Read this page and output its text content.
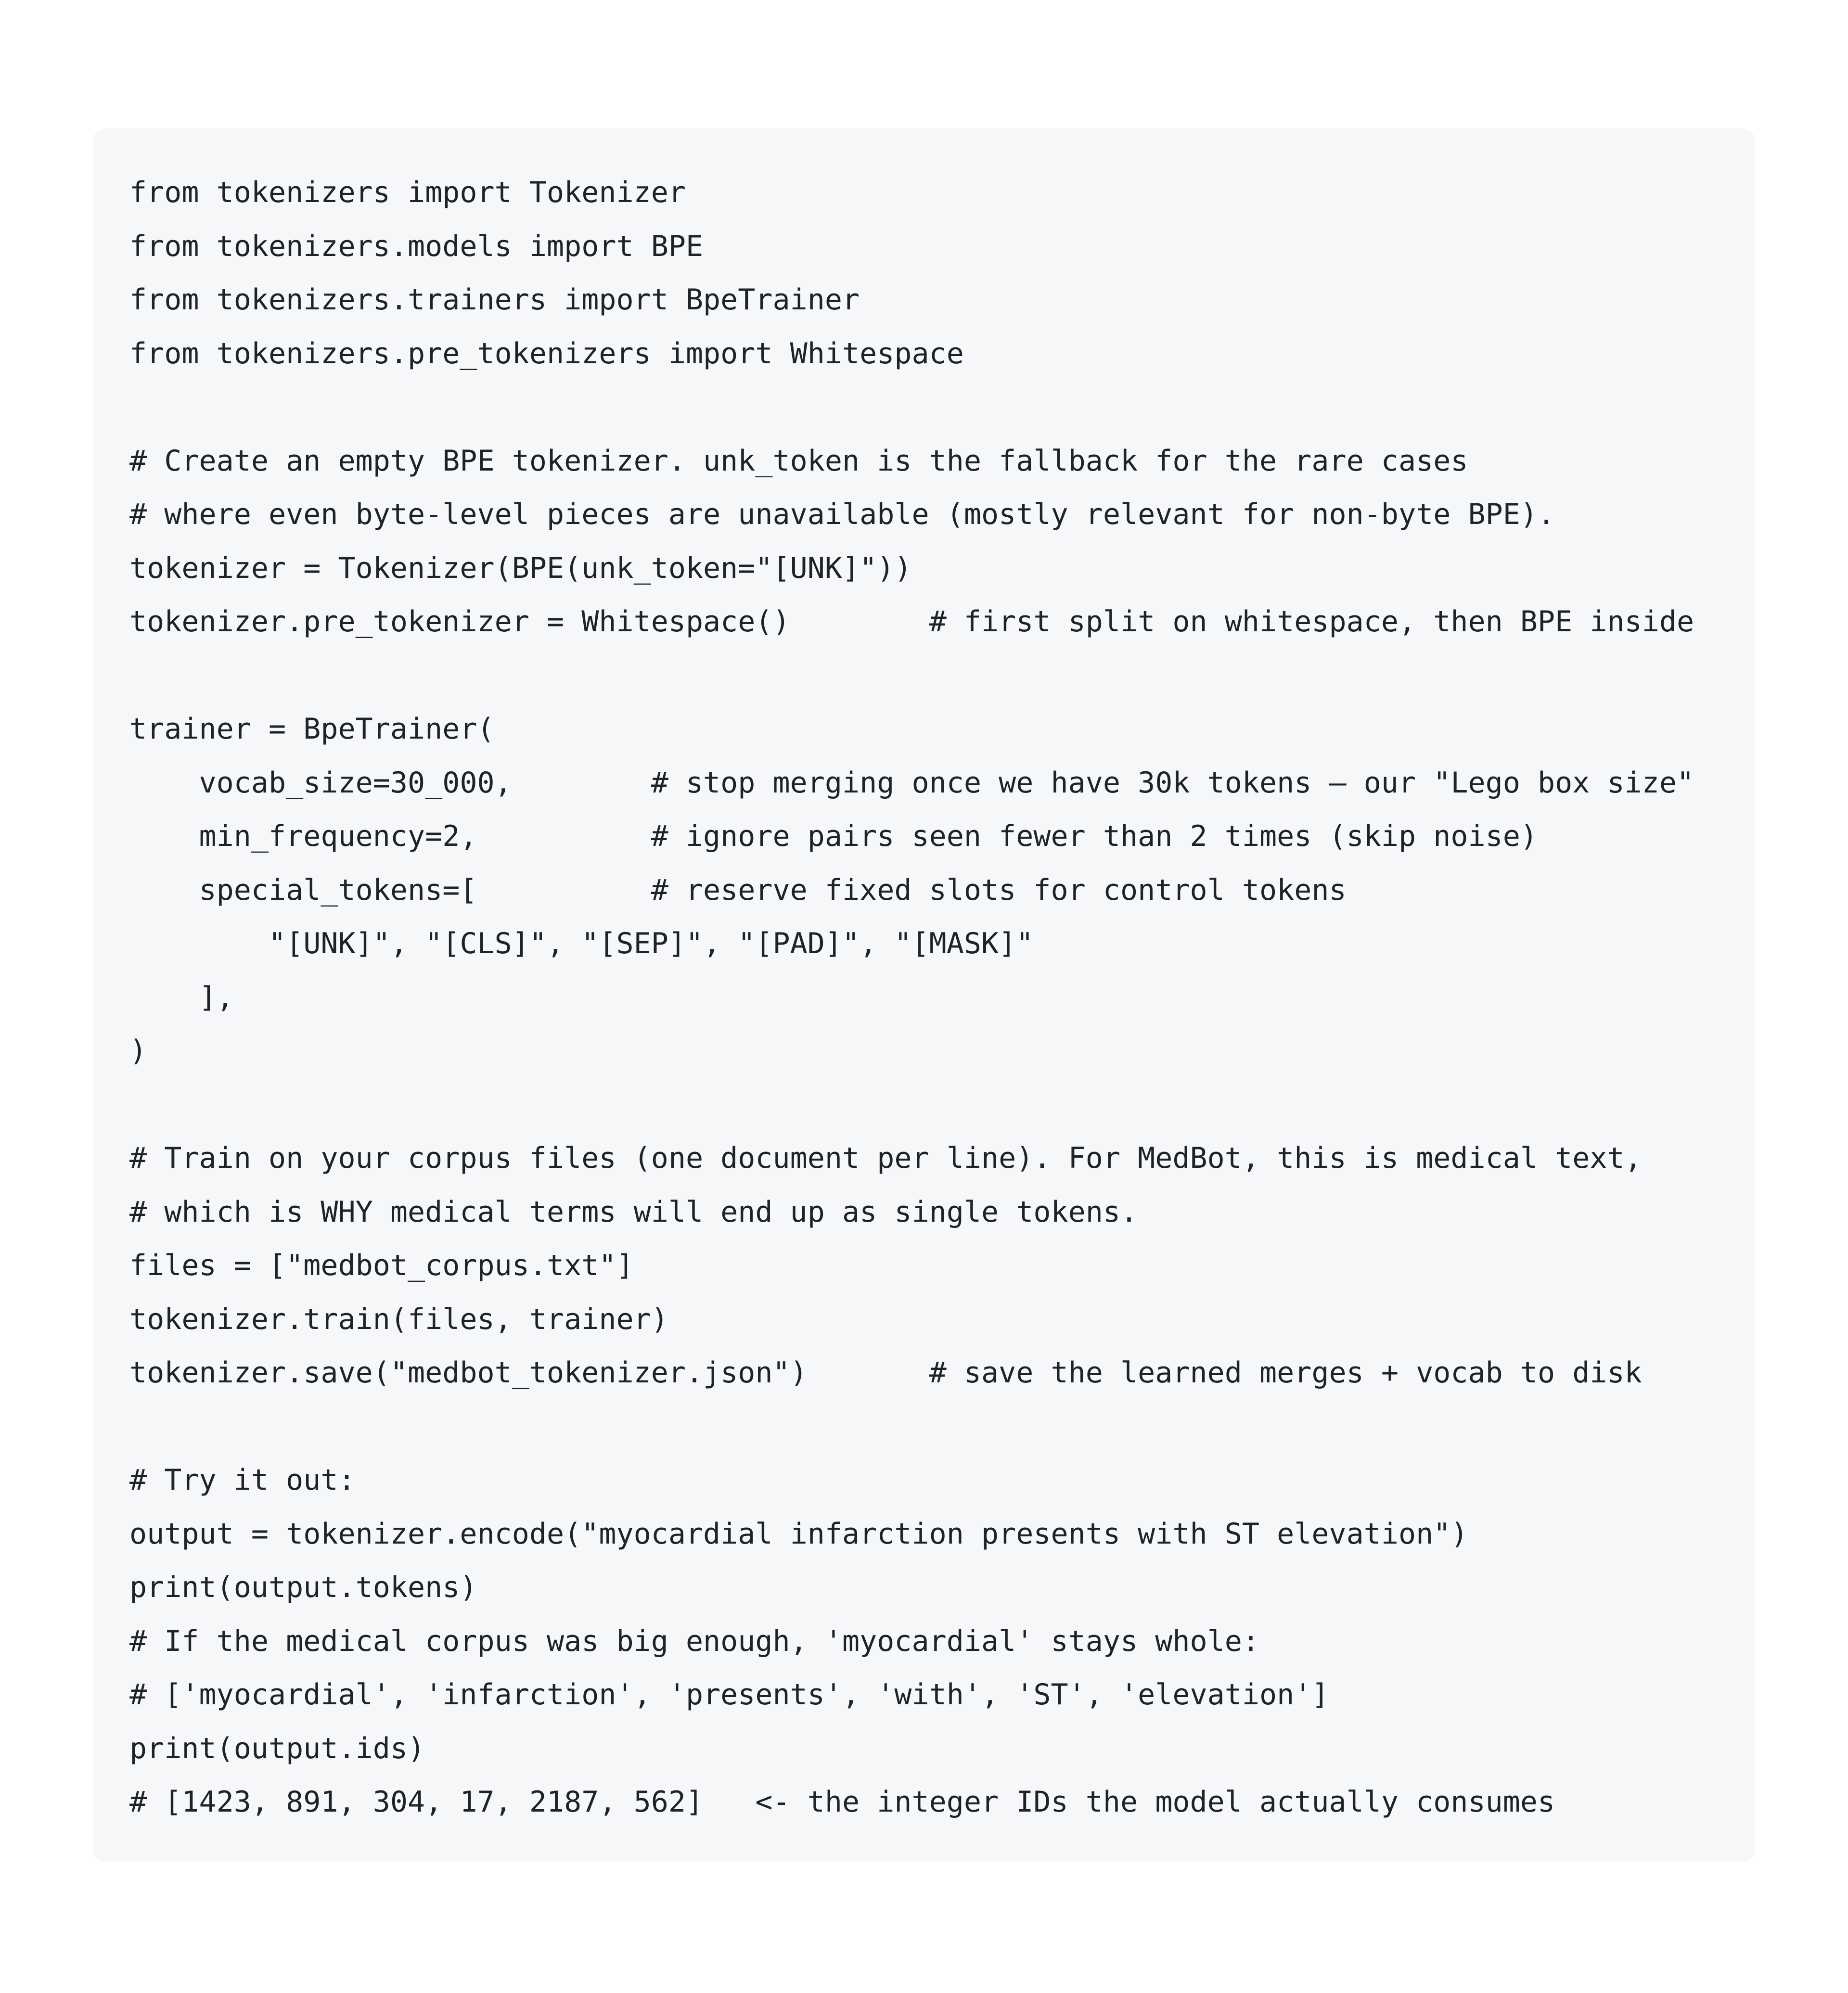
from tokenizers import Tokenizer
from tokenizers.models import BPE
from tokenizers.trainers import BpeTrainer
from tokenizers.pre_tokenizers import Whitespace
# Create an empty BPE tokenizer. unk_token is the fallback for the rare cases
# where even byte-level pieces are unavailable (mostly relevant for non-byte BPE).
tokenizer = Tokenizer(BPE(unk_token="[UNK]"))
tokenizer.pre_tokenizer = Whitespace()        # first split on whitespace, then BPE inside
trainer = BpeTrainer(
vocab_size=30_000,        # stop merging once we have 30k tokens — our "Lego box size"
min_frequency=2,          # ignore pairs seen fewer than 2 times (skip noise)
special_tokens=[          # reserve fixed slots for control tokens
"[UNK]", "[CLS]", "[SEP]", "[PAD]", "[MASK]"
],
)
# Train on your corpus files (one document per line). For MedBot, this is medical text,
# which is WHY medical terms will end up as single tokens.
files = ["medbot_corpus.txt"]
tokenizer.train(files, trainer)
tokenizer.save("medbot_tokenizer.json")       # save the learned merges + vocab to disk
# Try it out:
output = tokenizer.encode("myocardial infarction presents with ST elevation")
print(output.tokens)
# If the medical corpus was big enough, 'myocardial' stays whole:
# ['myocardial', 'infarction', 'presents', 'with', 'ST', 'elevation']
print(output.ids)
# [1423, 891, 304, 17, 2187, 562]   <- the integer IDs the model actually consumes
